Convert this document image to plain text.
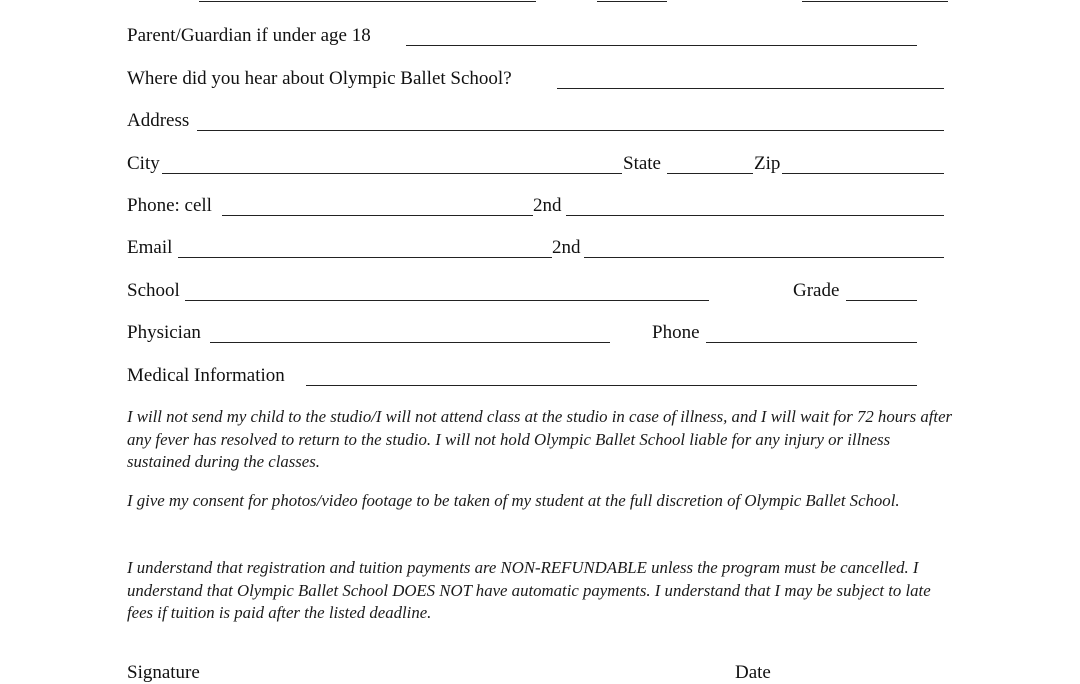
Parent/Guardian if under age 18
Where did you hear about Olympic Ballet School?
Address
City	State	Zip
Phone: cell	2nd
Email	2nd
School	Grade
Physician	Phone
Medical Information
I will not send my child to the studio/I will not attend class at the studio in case of illness, and I will wait for 72 hours after any fever has resolved to return to the studio. I will not hold Olympic Ballet School liable for any injury or illness sustained during the classes.
I give my consent for photos/video footage to be taken of my student at the full discretion of Olympic Ballet School.
I understand that registration and tuition payments are NON-REFUNDABLE unless the program must be cancelled. I understand that Olympic Ballet School DOES NOT have automatic payments. I understand that I may be subject to late fees if tuition is paid after the listed deadline.
Signature	Date
